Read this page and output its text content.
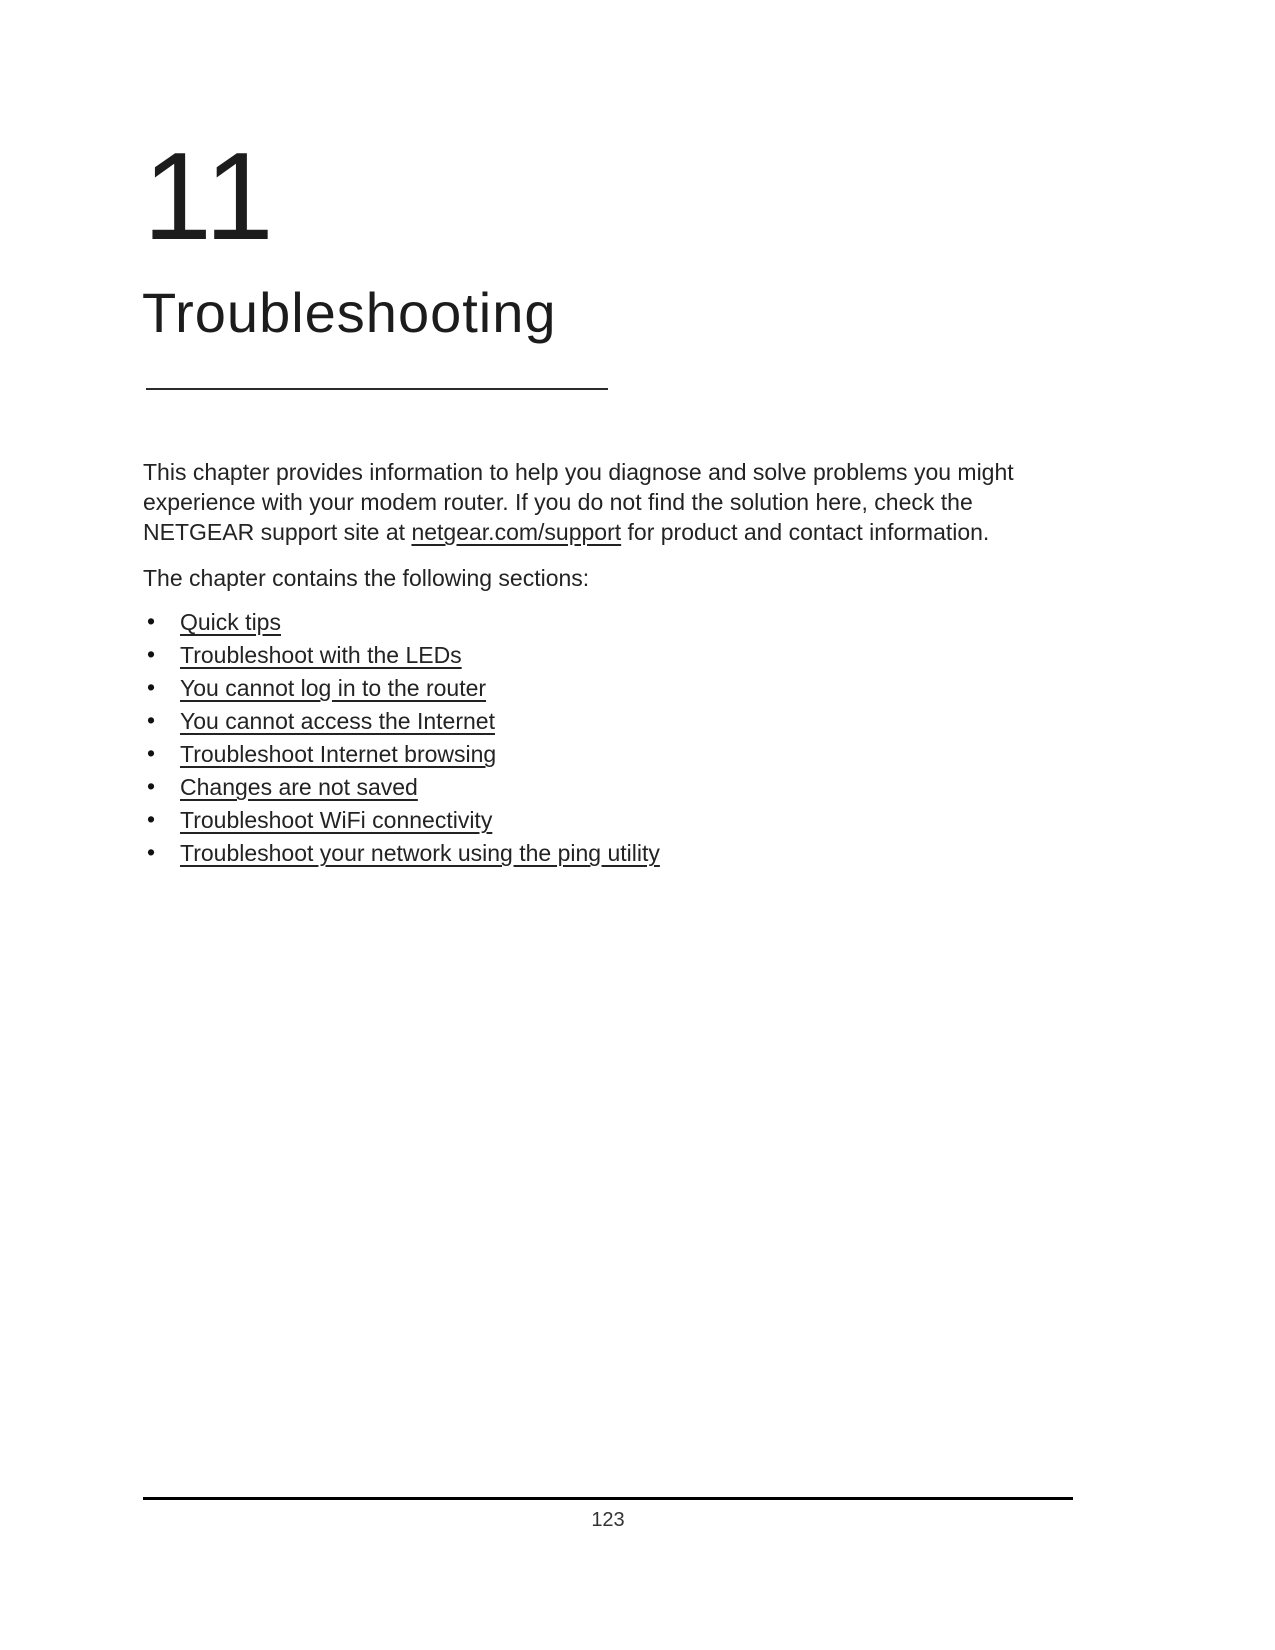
11
Troubleshooting

This chapter provides information to help you diagnose and solve problems you might experience with your modem router. If you do not find the solution here, check the NETGEAR support site at netgear.com/support for product and contact information.

The chapter contains the following sections:

• Quick tips
• Troubleshoot with the LEDs
• You cannot log in to the router
• You cannot access the Internet
• Troubleshoot Internet browsing
• Changes are not saved
• Troubleshoot WiFi connectivity
• Troubleshoot your network using the ping utility
123
